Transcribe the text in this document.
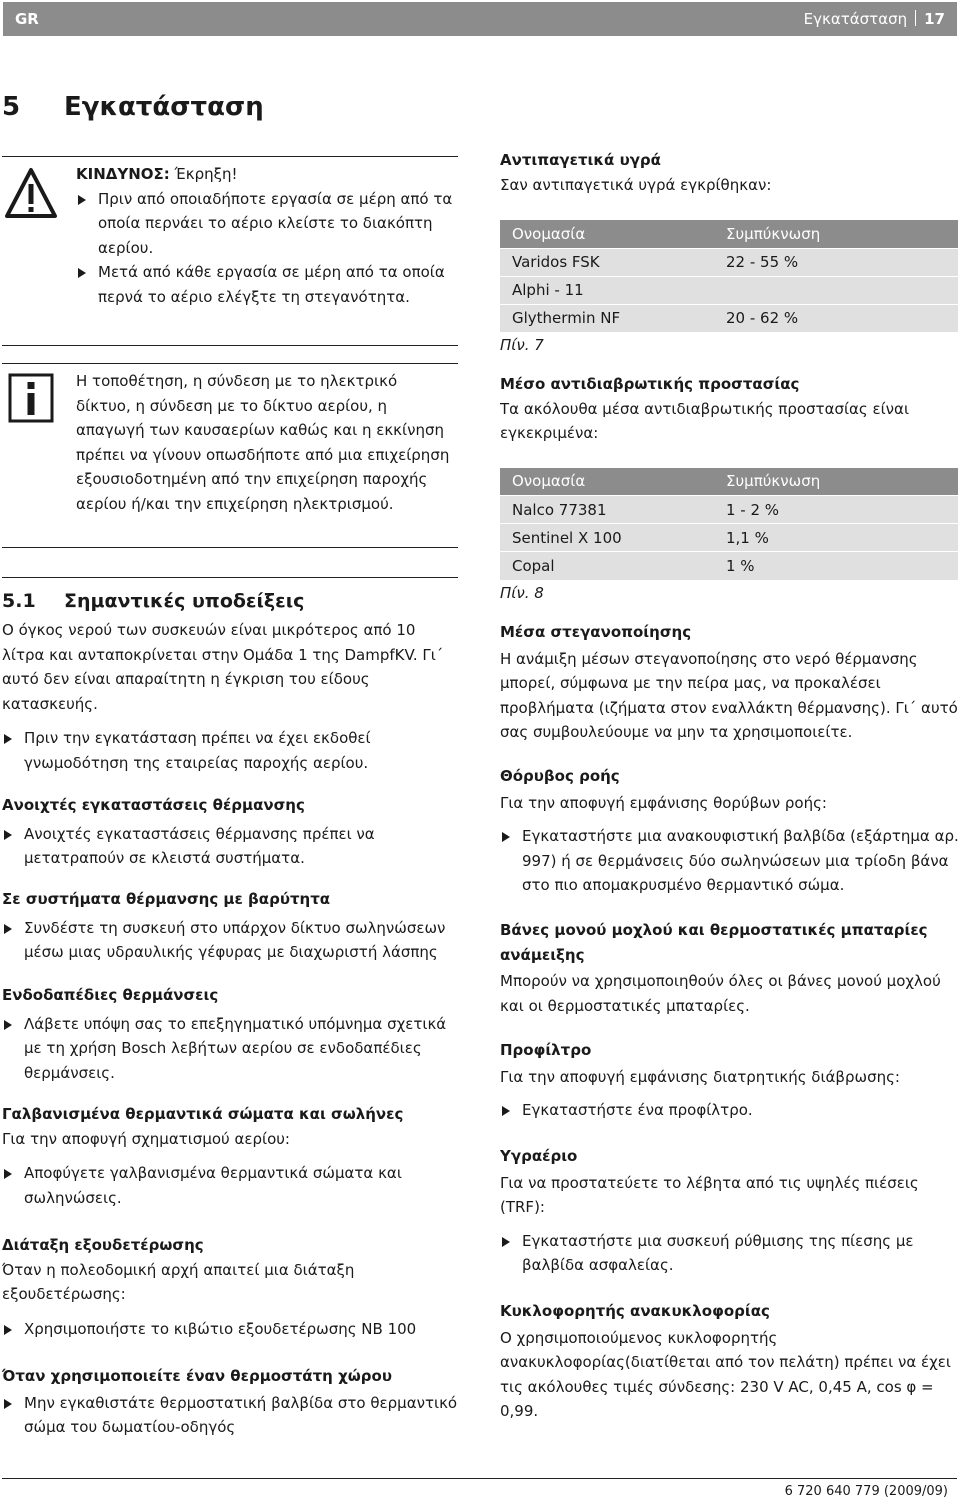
GR	Εγκατάσταση 17
5 Εγκατάσταση
ΚΙΝΔΥΝΟΣ: Έκρηξη!
Πριν από οποιαδήποτε εργασία σε μέρη από τα οποία περνάει το αέριο κλείστε το διακόπτη αερίου.
Μετά από κάθε εργασία σε μέρη από τα οποία περνά το αέριο ελέγξτε τη στεγανότητα.
Η τοποθέτηση, η σύνδεση με το ηλεκτρικό δίκτυο, η σύνδεση με το δίκτυο αερίου, η απαγωγή των καυσαερίων καθώς και η εκκίνηση πρέπει να γίνουν οπωσδήποτε από μια επιχείρηση εξουσιοδοτημένη από την επιχείρηση παροχής αερίου ή/και την επιχείρηση ηλεκτρισμού.
5.1 Σημαντικές υποδείξεις
Ο όγκος νερού των συσκευών είναι μικρότερος από 10 λίτρα και ανταποκρίνεται στην Ομάδα 1 της DampfKV. Γι΄ αυτό δεν είναι απαραίτητη η έγκριση του είδους κατασκευής.
Πριν την εγκατάσταση πρέπει να έχει εκδοθεί γνωμοδότηση της εταιρείας παροχής αερίου.
Ανοιχτές εγκαταστάσεις θέρμανσης
Ανοιχτές εγκαταστάσεις θέρμανσης πρέπει να μετατραπούν σε κλειστά συστήματα.
Σε συστήματα θέρμανσης με βαρύτητα
Συνδέστε τη συσκευή στο υπάρχον δίκτυο σωληνώσεων μέσω μιας υδραυλικής γέφυρας με διαχωριστή λάσπης
Ενδοδαπέδιες θερμάνσεις
Λάβετε υπόψη σας το επεξηγηματικό υπόμνημα σχετικά με τη χρήση Bosch λεβήτων αερίου σε ενδοδαπέδιες θερμάνσεις.
Γαλβανισμένα θερμαντικά σώματα και σωλήνες
Για την αποφυγή σχηματισμού αερίου:
Αποφύγετε γαλβανισμένα θερμαντικά σώματα και σωληνώσεις.
Διάταξη εξουδετέρωσης
Όταν η πολεοδομική αρχή απαιτεί μια διάταξη εξουδετέρωσης:
Χρησιμοποιήστε το κιβώτιο εξουδετέρωσης NB 100
Όταν χρησιμοποιείτε έναν θερμοστάτη χώρου
Μην εγκαθιστάτε θερμοστατική βαλβίδα στο θερμαντικό σώμα του δωματίου-οδηγός
Αντιπαγετικά υγρά
Σαν αντιπαγετικά υγρά εγκρίθηκαν:
Ονομασία	Συμπύκνωση
Varidos FSK	22 - 55 %
Alphi - 11	
Glythermin NF	20 - 62 %
Πίν. 7
Μέσο αντιδιαβρωτικής προστασίας
Τα ακόλουθα μέσα αντιδιαβρωτικής προστασίας είναι εγκεκριμένα:
Ονομασία	Συμπύκνωση
Nalco 77381	1 - 2 %
Sentinel X 100	1,1 %
Copal	1 %
Πίν. 8
Μέσα στεγανοποίησης
Η ανάμιξη μέσων στεγανοποίησης στο νερό θέρμανσης μπορεί, σύμφωνα με την πείρα μας, να προκαλέσει προβλήματα (ιζήματα στον εναλλάκτη θέρμανσης). Γι΄ αυτό σας συμβουλεύουμε να μην τα χρησιμοποιείτε.
Θόρυβος ροής
Για την αποφυγή εμφάνισης θορύβων ροής:
Εγκαταστήστε μια ανακουφιστική βαλβίδα (εξάρτημα αρ. 997) ή σε θερμάνσεις δύο σωληνώσεων μια τρίοδη βάνα στο πιο απομακρυσμένο θερμαντικό σώμα.
Βάνες μονού μοχλού και θερμοστατικές μπαταρίες ανάμειξης
Μπορούν να χρησιμοποιηθούν όλες οι βάνες μονού μοχλού και οι θερμοστατικές μπαταρίες.
Προφίλτρο
Για την αποφυγή εμφάνισης διατρητικής διάβρωσης:
Εγκαταστήστε ένα προφίλτρο.
Υγραέριο
Για να προστατεύετε το λέβητα από τις υψηλές πιέσεις (TRF):
Εγκαταστήστε μια συσκευή ρύθμισης της πίεσης με βαλβίδα ασφαλείας.
Κυκλοφορητής ανακυκλοφορίας
Ο χρησιμοποιούμενος κυκλοφορητής ανακυκλοφορίας(διατίθεται από τον πελάτη) πρέπει να έχει τις ακόλουθες τιμές σύνδεσης: 230 V AC, 0,45 A, cos φ = 0,99.
6 720 640 779 (2009/09)
